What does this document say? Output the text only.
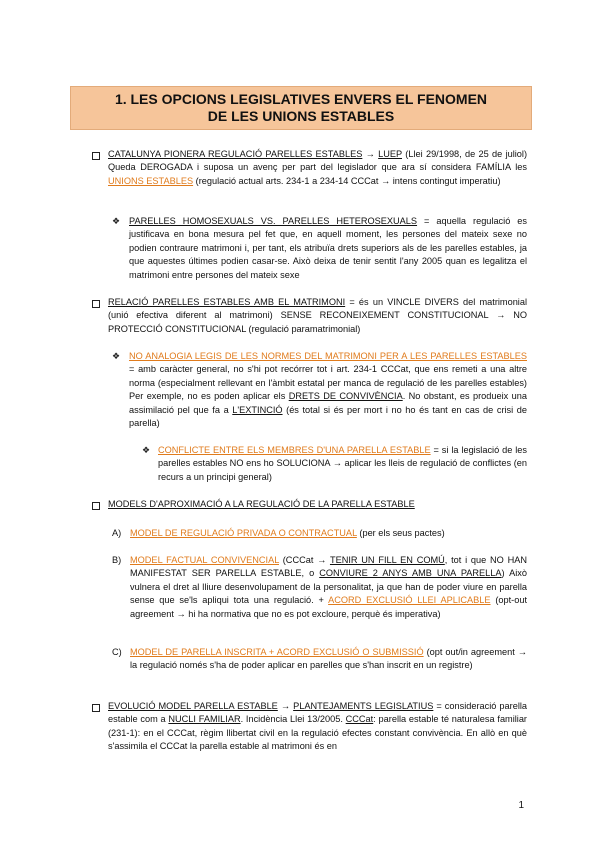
1. LES OPCIONS LEGISLATIVES ENVERS EL FENOMEN
DE LES UNIONS ESTABLES

CATALUNYA PIONERA REGULACIÓ PARELLES ESTABLES → LUEP (Llei 29/1998, de 25 de juliol) Queda DEROGADA i suposa un avenç per part del legislador que ara sí considera FAMÍLIA les UNIONS ESTABLES (regulació actual arts. 234-1 a 234-14 CCCat → intens contingut imperatiu)

❖ PARELLES HOMOSEXUALS VS. PARELLES HETEROSEXUALS = aquella regulació es justificava en bona mesura pel fet que, en aquell moment, les persones del mateix sexe no podien contraure matrimoni i, per tant, els atribuïa drets superiors als de les parelles estables, ja que aquestes últimes podien casar-se. Això deixa de tenir sentit l'any 2005 quan es legalitza el matrimoni entre persones del mateix sexe

RELACIÓ PARELLES ESTABLES AMB EL MATRIMONI = és un VINCLE DIVERS del matrimonial (unió efectiva diferent al matrimoni) SENSE RECONEIXEMENT CONSTITUCIONAL → NO PROTECCIÓ CONSTITUCIONAL (regulació paramatrimonial)

❖ NO ANALOGIA LEGIS DE LES NORMES DEL MATRIMONI PER A LES PARELLES ESTABLES = amb caràcter general, no s'hi pot recórrer tot i art. 234-1 CCCat, que ens remeti a una altre norma (especialment rellevant en l'àmbit estatal per manca de regulació de les parelles estables) Per exemple, no es poden aplicar els DRETS DE CONVIVÈNCIA. No obstant, es produeix una assimilació pel que fa a L'EXTINCIÓ (és total si és per mort i no ho és tant en cas de crisi de parella)

❖ CONFLICTE ENTRE ELS MEMBRES D'UNA PARELLA ESTABLE = si la legislació de les parelles estables NO ens ho SOLUCIONA → aplicar les lleis de regulació de conflictes (en recurs a un principi general)

MODELS D'APROXIMACIÓ A LA REGULACIÓ DE LA PARELLA ESTABLE

A) MODEL DE REGULACIÓ PRIVADA O CONTRACTUAL (per els seus pactes)

B) MODEL FACTUAL CONVIVENCIAL (CCCat → TENIR UN FILL EN COMÚ, tot i que NO HAN MANIFESTAT SER PARELLA ESTABLE, o CONVIURE 2 ANYS AMB UNA PARELLA) Això vulnera el dret al lliure desenvolupament de la personalitat, ja que han de poder viure en parella sense que se'ls apliqui tota una regulació. + ACORD EXCLUSIÓ LLEI APLICABLE (opt-out agreement → hi ha normativa que no es pot excloure, perquè és imperativa)

C) MODEL DE PARELLA INSCRITA + ACORD EXCLUSIÓ O SUBMISSIÓ (opt out/in agreement → la regulació només s'ha de poder aplicar en parelles que s'han inscrit en un registre)

EVOLUCIÓ MODEL PARELLA ESTABLE → PLANTEJAMENTS LEGISLATIUS = consideració parella estable com a NUCLI FAMILIAR. Incidència Llei 13/2005. CCCat: parella estable té naturalesa familiar (231-1): en el CCCat, règim llibertat civil en la regulació efectes constant convivència. En allò en què s'assimila el CCCat la parella estable al matrimoni és en

1
